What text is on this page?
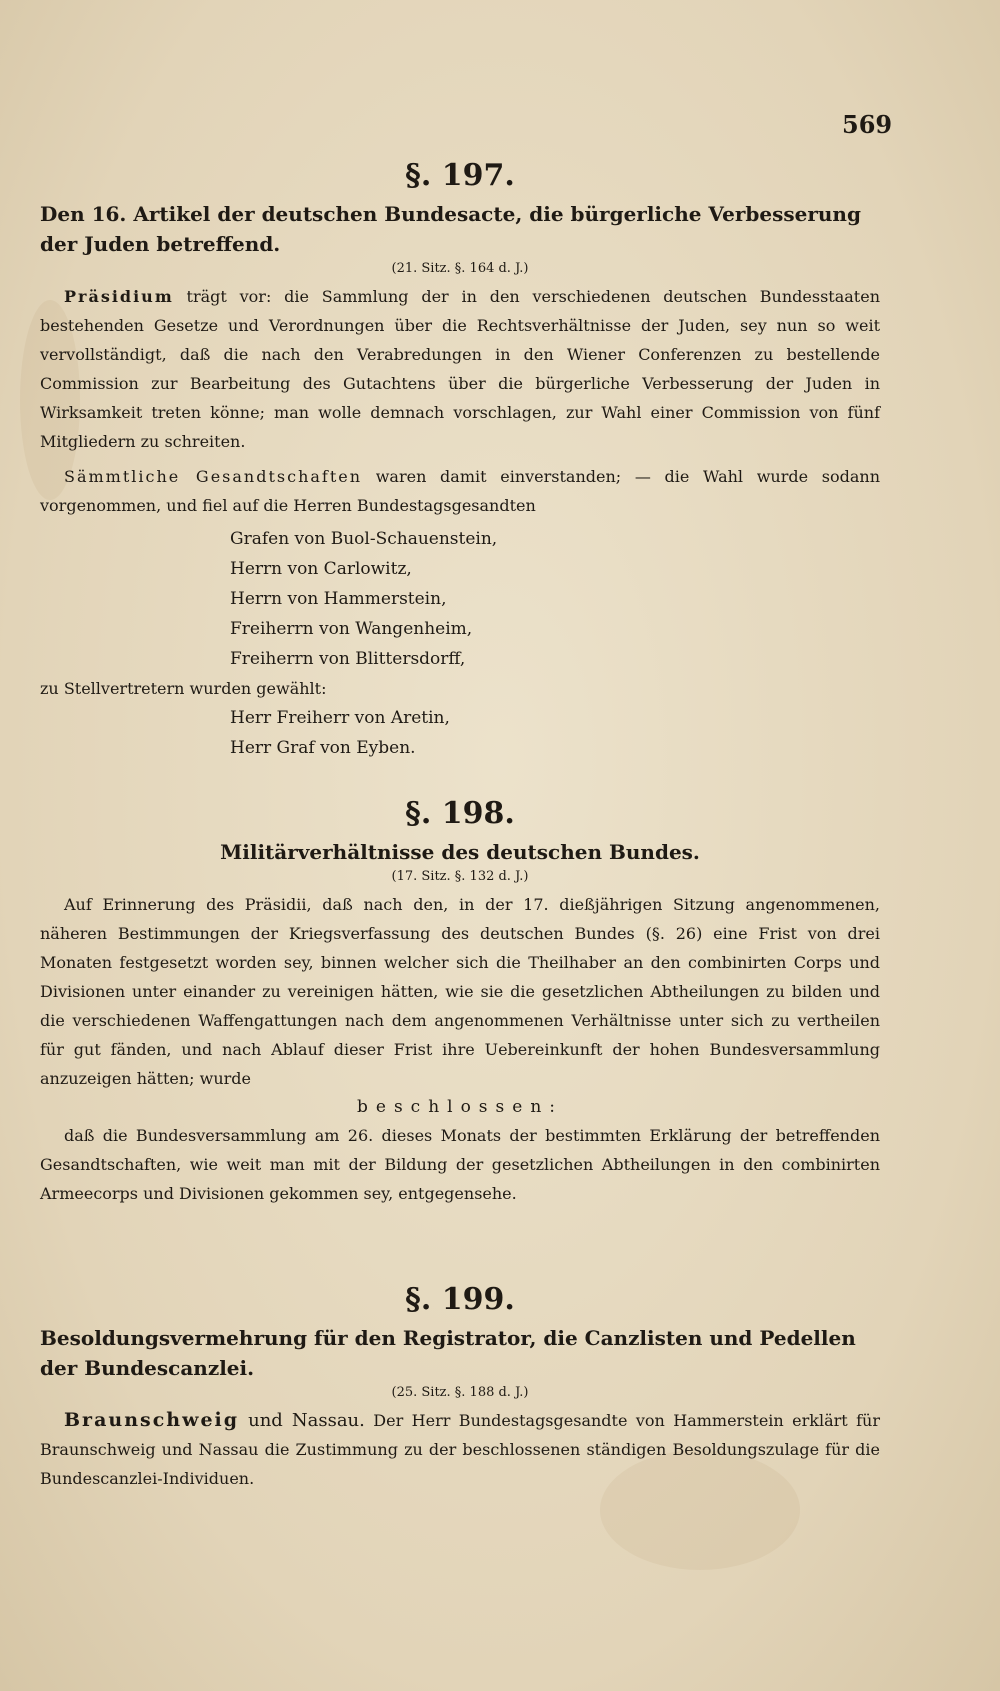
569

§. 197.

Den 16. Artikel der deutschen Bundesacte, die bürgerliche Verbesserung der Juden betreffend.

(21. Sitz. §. 164 d. J.)

Präsidium trägt vor: die Sammlung der in den verschiedenen deutschen Bundesstaaten bestehenden Gesetze und Verordnungen über die Rechtsverhältnisse der Juden, sey nun so weit vervollständigt, daß die nach den Verabredungen in den Wiener Conferenzen zu bestellende Commission zur Bearbeitung des Gutachtens über die bürgerliche Verbesserung der Juden in Wirksamkeit treten könne; man wolle demnach vorschlagen, zur Wahl einer Commission von fünf Mitgliedern zu schreiten.

Sämmtliche Gesandtschaften waren damit einverstanden; — die Wahl wurde sodann vorgenommen, und fiel auf die Herren Bundestagsgesandten

Grafen von Buol-Schauenstein,
Herrn von Carlowitz,
Herrn von Hammerstein,
Freiherrn von Wangenheim,
Freiherrn von Blittersdorff,

zu Stellvertretern wurden gewählt:

Herr Freiherr von Aretin,
Herr Graf von Eyben.

§. 198.

Militärverhältnisse des deutschen Bundes.

(17. Sitz. §. 132 d. J.)

Auf Erinnerung des Präsidii, daß nach den, in der 17. dießjährigen Sitzung angenommenen, näheren Bestimmungen der Kriegsverfassung des deutschen Bundes (§. 26) eine Frist von drei Monaten festgesetzt worden sey, binnen welcher sich die Theilhaber an den combinirten Corps und Divisionen unter einander zu vereinigen hätten, wie sie die gesetzlichen Abtheilungen zu bilden und die verschiedenen Waffengattungen nach dem angenommenen Verhältnisse unter sich zu vertheilen für gut fänden, und nach Ablauf dieser Frist ihre Uebereinkunft der hohen Bundesversammlung anzuzeigen hätten; wurde

beschlossen:

daß die Bundesversammlung am 26. dieses Monats der bestimmten Erklärung der betreffenden Gesandtschaften, wie weit man mit der Bildung der gesetzlichen Abtheilungen in den combinirten Armeecorps und Divisionen gekommen sey, entgegensehe.

§. 199.

Besoldungsvermehrung für den Registrator, die Canzlisten und Pedellen der Bundescanzlei.

(25. Sitz. §. 188 d. J.)

Braunschweig und Nassau. Der Herr Bundestagsgesandte von Hammerstein erklärt für Braunschweig und Nassau die Zustimmung zu der beschlossenen ständigen Besoldungszulage für die Bundescanzlei-Individuen.
